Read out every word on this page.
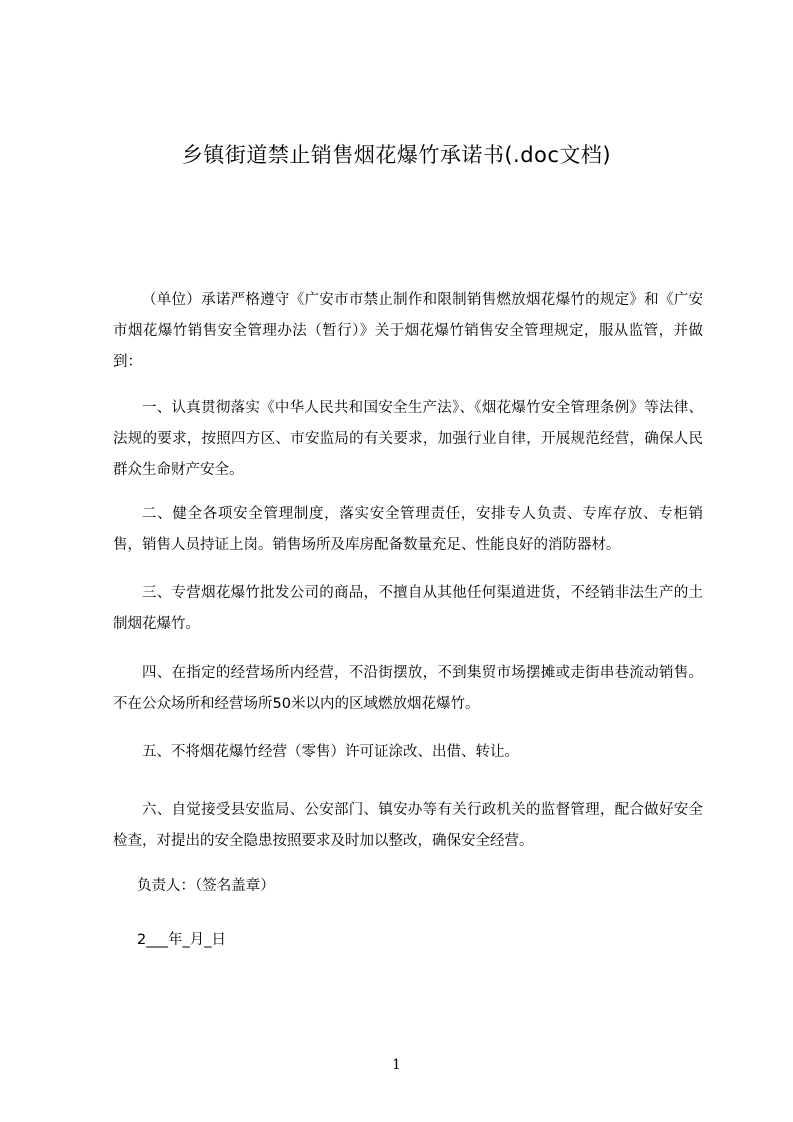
乡镇街道禁止销售烟花爆竹承诺书(.doc文档)

（单位）承诺严格遵守《广安市市禁止制作和限制销售燃放烟花爆竹的规定》和《广安市烟花爆竹销售安全管理办法（暂行）》关于烟花爆竹销售安全管理规定，服从监管，并做到：

一、认真贯彻落实《中华人民共和国安全生产法》、《烟花爆竹安全管理条例》等法律、法规的要求，按照四方区、市安监局的有关要求，加强行业自律，开展规范经营，确保人民群众生命财产安全。

二、健全各项安全管理制度，落实安全管理责任，安排专人负责、专库存放、专柜销售，销售人员持证上岗。销售场所及库房配备数量充足、性能良好的消防器材。

三、专营烟花爆竹批发公司的商品，不擅自从其他任何渠道进货，不经销非法生产的土制烟花爆竹。

四、在指定的经营场所内经营，不沿街摆放，不到集贸市场摆摊或走街串巷流动销售。不在公众场所和经营场所50米以内的区域燃放烟花爆竹。

五、不将烟花爆竹经营（零售）许可证涂改、出借、转让。

六、自觉接受县安监局、公安部门、镇安办等有关行政机关的监督管理，配合做好安全检查，对提出的安全隐患按照要求及时加以整改，确保安全经营。

负责人：（签名盖章）
2___年_月_日
1
